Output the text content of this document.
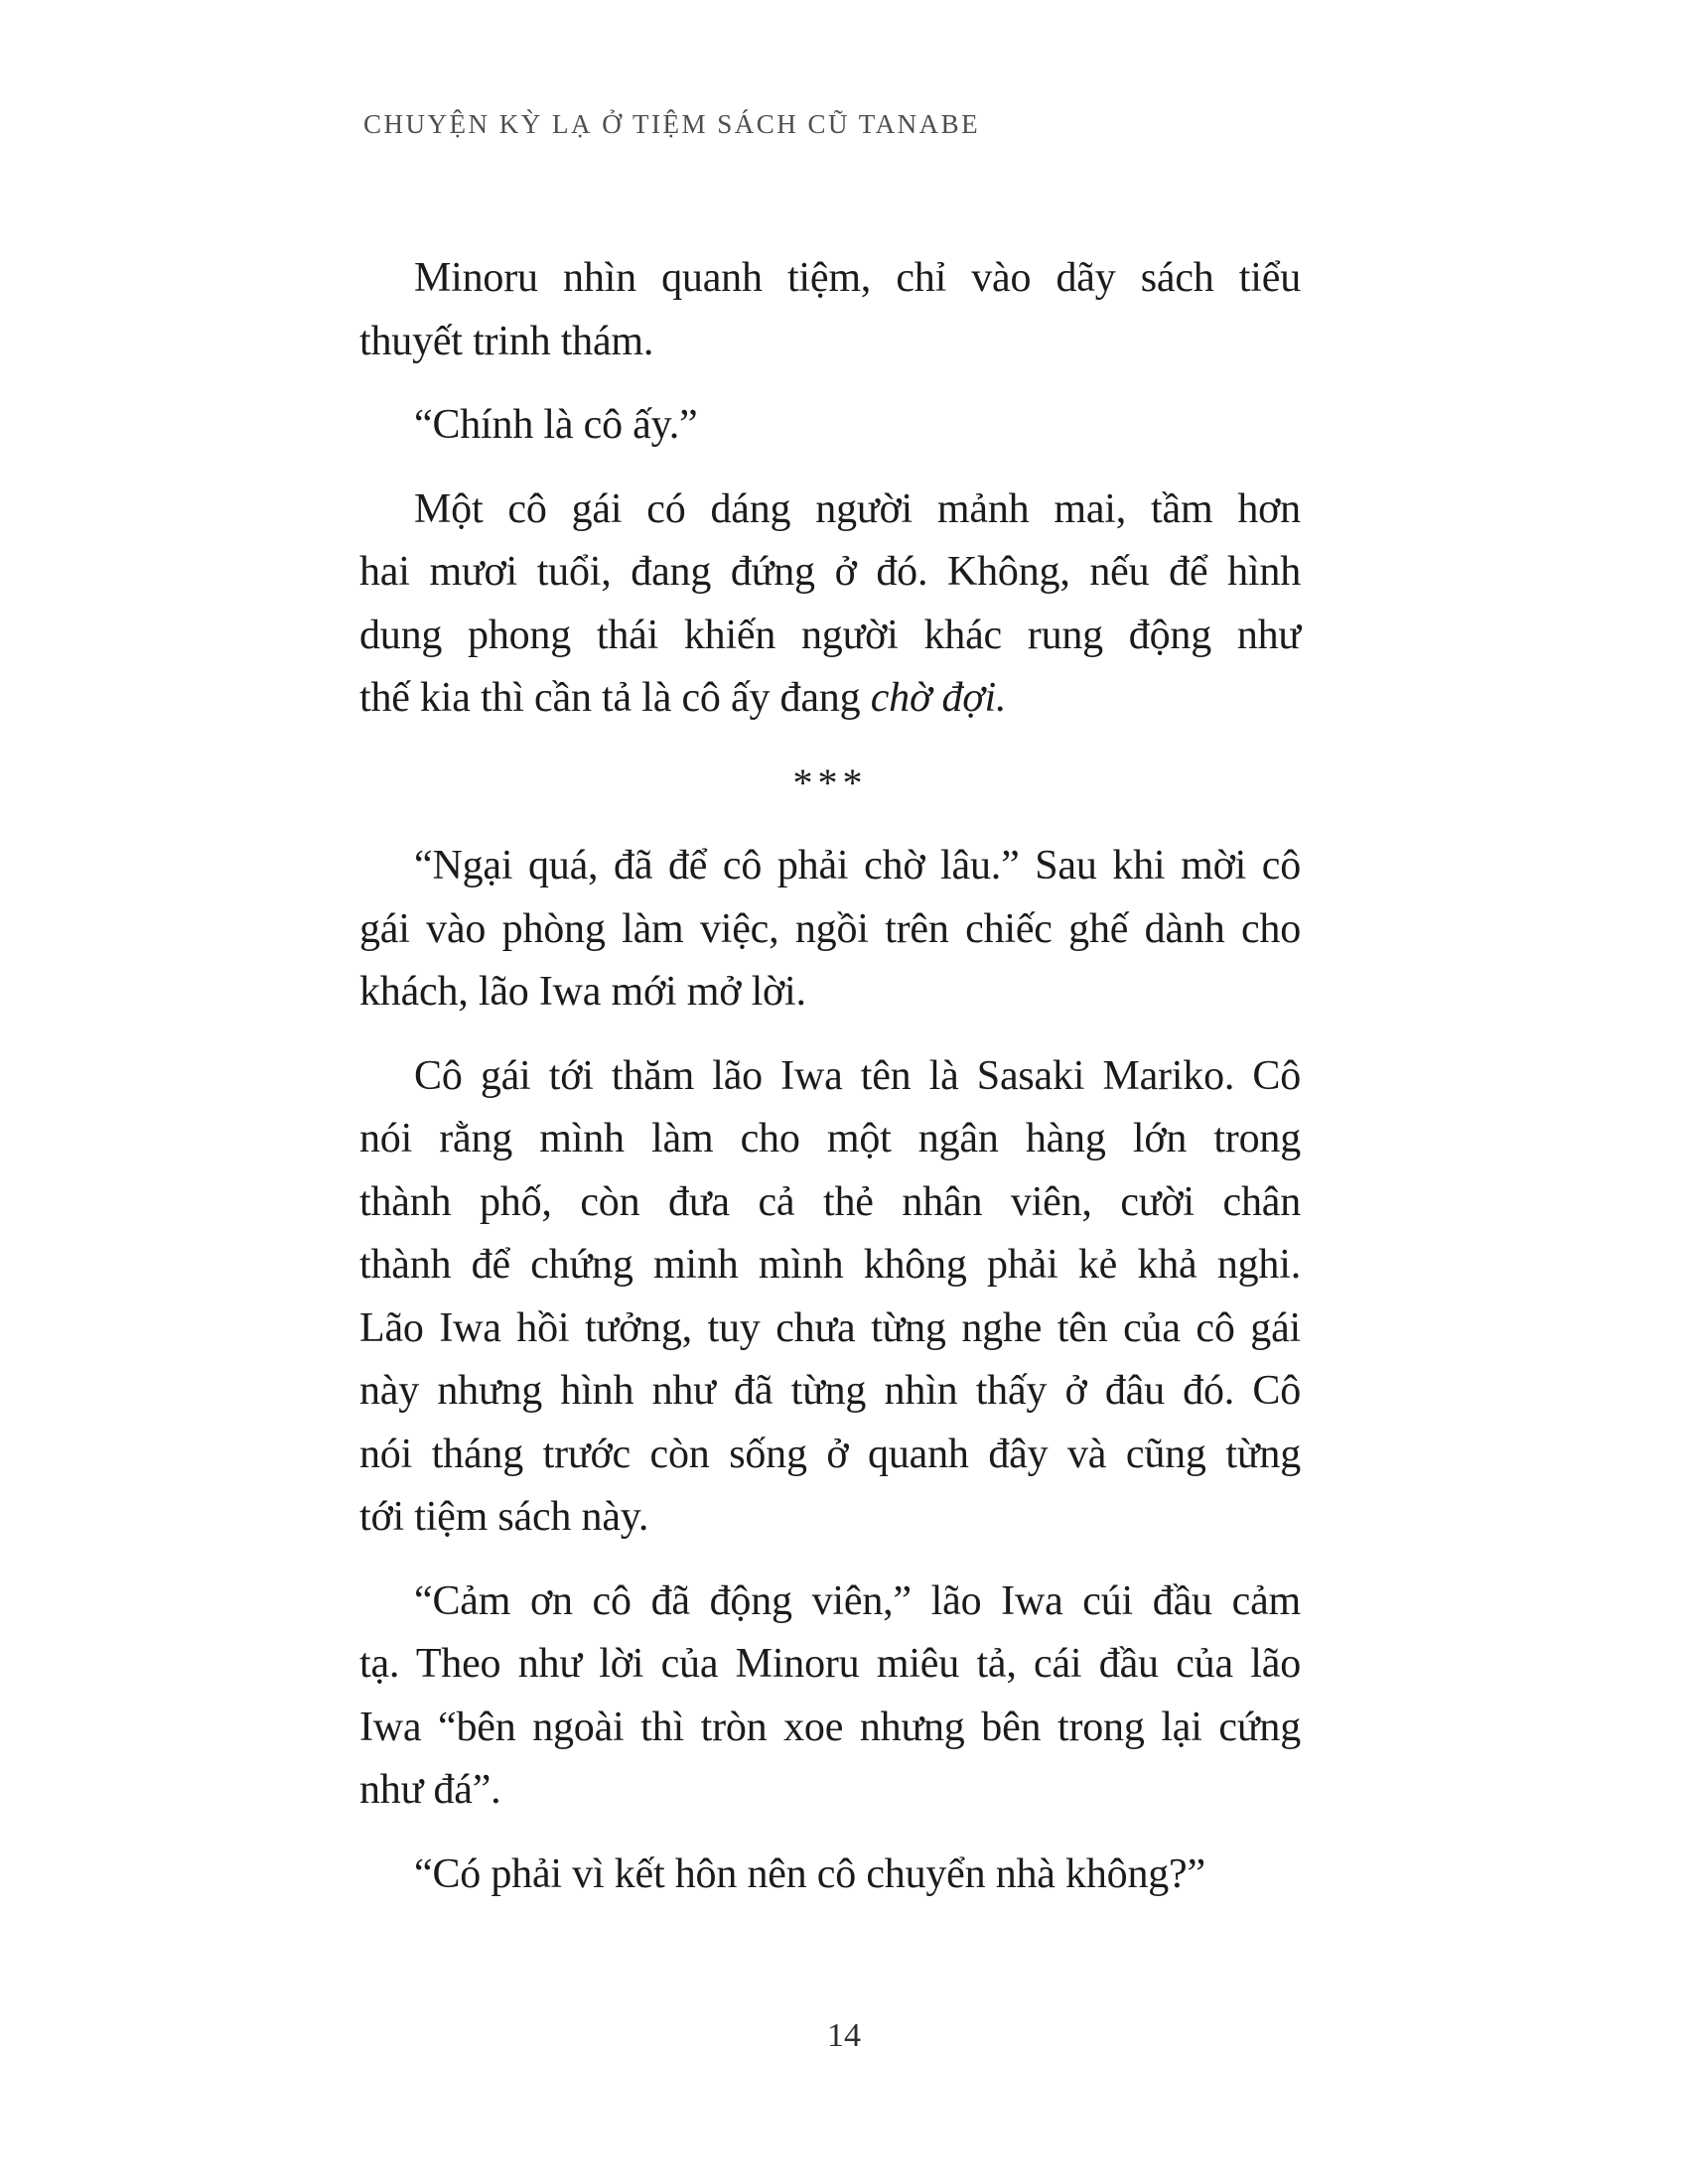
CHUYỆN KỲ LẠ Ở TIỆM SÁCH CŨ TANABE
Minoru nhìn quanh tiệm, chỉ vào dãy sách tiểu
thuyết trinh thám.
“Chính là cô ấy.”
Một cô gái có dáng người mảnh mai, tầm hơn
hai mươi tuổi, đang đứng ở đó. Không, nếu để hình
dung phong thái khiến người khác rung động như
thế kia thì cần tả là cô ấy đang chờ đợi.
***
“Ngại quá, đã để cô phải chờ lâu.” Sau khi mời cô
gái vào phòng làm việc, ngồi trên chiếc ghế dành cho
khách, lão Iwa mới mở lời.
Cô gái tới thăm lão Iwa tên là Sasaki Mariko. Cô
nói rằng mình làm cho một ngân hàng lớn trong
thành phố, còn đưa cả thẻ nhân viên, cười chân
thành để chứng minh mình không phải kẻ khả nghi.
Lão Iwa hồi tưởng, tuy chưa từng nghe tên của cô gái
này nhưng hình như đã từng nhìn thấy ở đâu đó. Cô
nói tháng trước còn sống ở quanh đây và cũng từng
tới tiệm sách này.
“Cảm ơn cô đã động viên,” lão Iwa cúi đầu cảm
tạ. Theo như lời của Minoru miêu tả, cái đầu của lão
Iwa “bên ngoài thì tròn xoe nhưng bên trong lại cứng
như đá”.
“Có phải vì kết hôn nên cô chuyển nhà không?”
14
